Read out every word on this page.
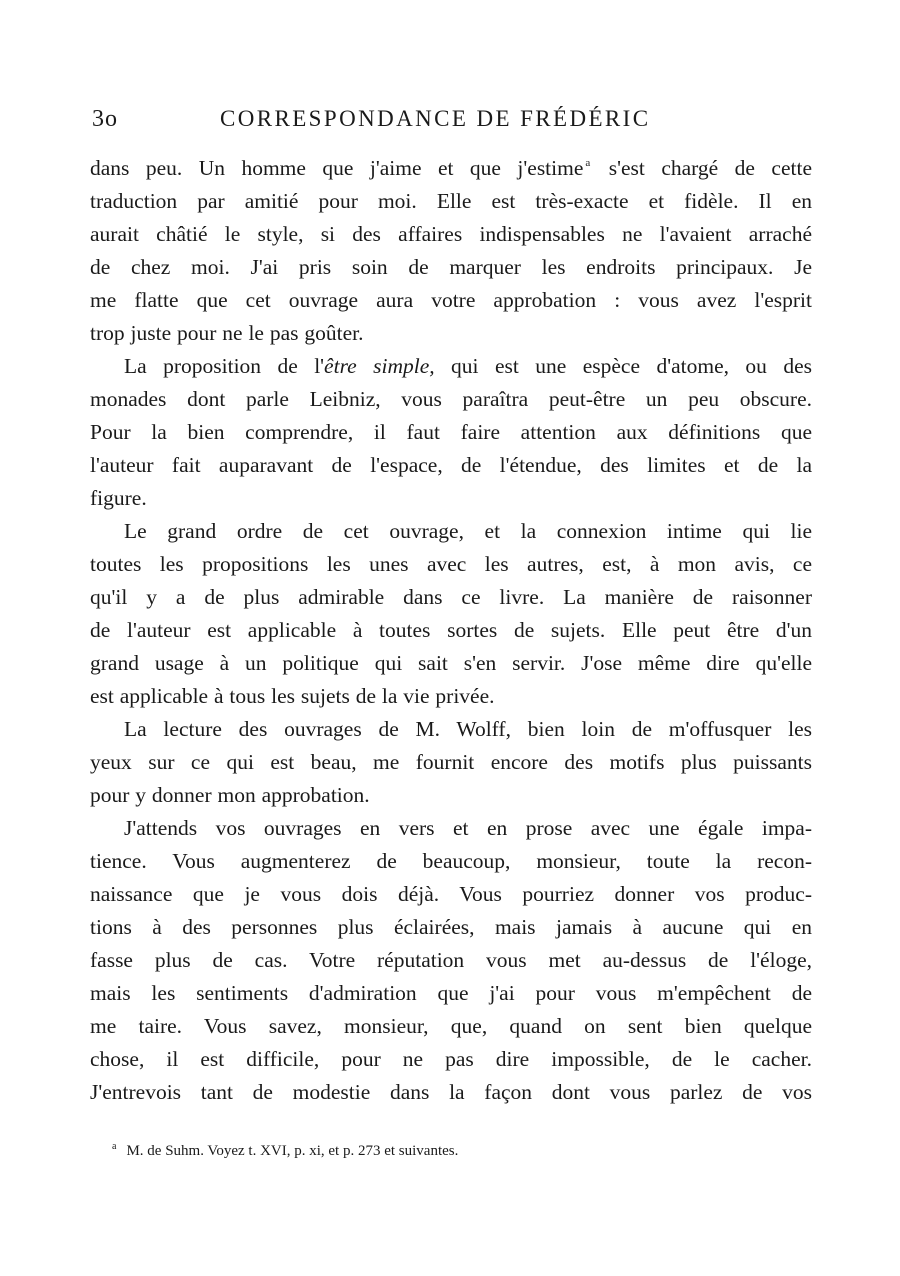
3o	CORRESPONDANCE DE FRÉDÉRIC
dans peu. Un homme que j'aime et que j'estime $^a$ s'est chargé de cette
traduction par amitié pour moi. Elle est très-exacte et fidèle. Il en
aurait châtié le style, si des affaires indispensables ne l'avaient arraché
de chez moi. J'ai pris soin de marquer les endroits principaux. Je
me flatte que cet ouvrage aura votre approbation : vous avez l'esprit
trop juste pour ne le pas goûter.
La proposition de l'être simple, qui est une espèce d'atome, ou des
monades dont parle Leibniz, vous paraîtra peut-être un peu obscure.
Pour la bien comprendre, il faut faire attention aux définitions que
l'auteur fait auparavant de l'espace, de l'étendue, des limites et de la
figure.
Le grand ordre de cet ouvrage, et la connexion intime qui lie
toutes les propositions les unes avec les autres, est, à mon avis, ce
qu'il y a de plus admirable dans ce livre. La manière de raisonner
de l'auteur est applicable à toutes sortes de sujets. Elle peut être d'un
grand usage à un politique qui sait s'en servir. J'ose même dire qu'elle
est applicable à tous les sujets de la vie privée.
La lecture des ouvrages de M. Wolff, bien loin de m'offusquer les
yeux sur ce qui est beau, me fournit encore des motifs plus puissants
pour y donner mon approbation.
J'attends vos ouvrages en vers et en prose avec une égale impa-
tience. Vous augmenterez de beaucoup, monsieur, toute la recon-
naissance que je vous dois déjà. Vous pourriez donner vos produc-
tions à des personnes plus éclairées, mais jamais à aucune qui en
fasse plus de cas. Votre réputation vous met au-dessus de l'éloge,
mais les sentiments d'admiration que j'ai pour vous m'empêchent de
me taire. Vous savez, monsieur, que, quand on sent bien quelque
chose, il est difficile, pour ne pas dire impossible, de le cacher.
J'entrevois tant de modestie dans la façon dont vous parlez de vos
$^a$ M. de Suhm. Voyez t. XVI, p. xi, et p. 273 et suivantes.
